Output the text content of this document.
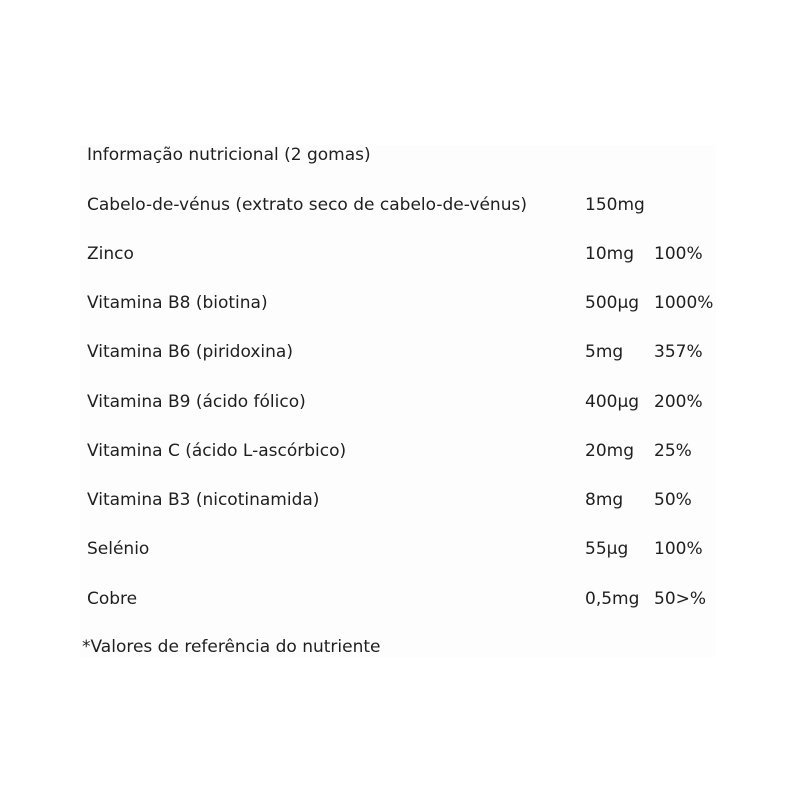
Informação nutricional (2 gomas)
Cabelo-de-vénus (extrato seco de cabelo-de-vénus)	150mg
Zinco	10mg 100%
Vitamina B8 (biotina)	500µg 1000%
Vitamina B6 (piridoxina)	5mg 357%
Vitamina B9 (ácido fólico)	400µg 200%
Vitamina C (ácido L-ascórbico)	20mg 25%
Vitamina B3 (nicotinamida)	8mg 50%
Selénio	55µg 100%
Cobre	0,5mg 50>%
*Valores de referência do nutriente
